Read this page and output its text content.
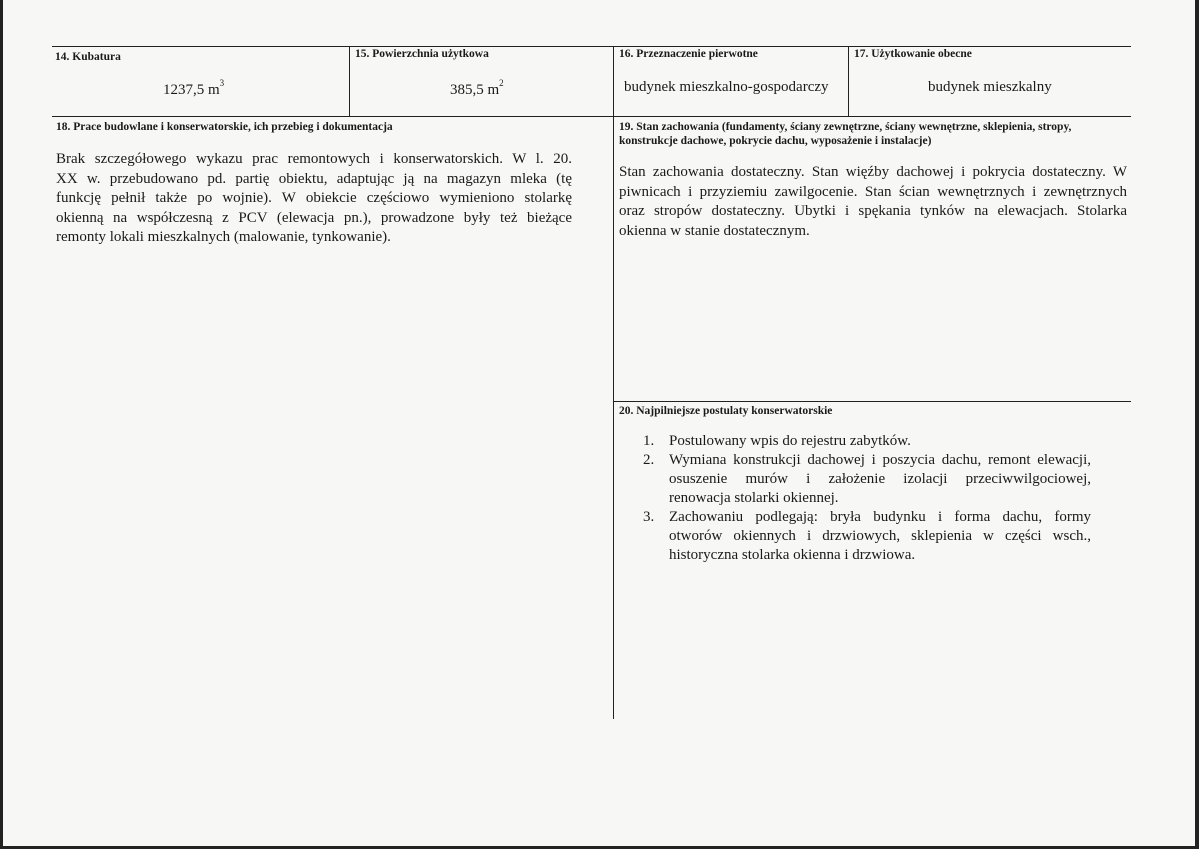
14. Kubatura
1237,5 $m^3$
15. Powierzchnia użytkowa
385,5 $m^2$
16. Przeznaczenie pierwotne
budynek mieszkalno-gospodarczy
17. Użytkowanie obecne
budynek mieszkalny
18. Prace budowlane i konserwatorskie, ich przebieg i dokumentacja
Brak szczegółowego wykazu prac remontowych i konserwatorskich. W l. 20.
XX w. przebudowano pd. partię obiektu, adaptując ją na magazyn mleka (tę
funkcję pełnił także po wojnie). W obiekcie częściowo wymieniono stolarkę
okienną na współczesną z PCV (elewacja pn.), prowadzone były też bieżące
remonty lokali mieszkalnych (malowanie, tynkowanie).
19. Stan zachowania (fundamenty, ściany zewnętrzne, ściany wewnętrzne, sklepienia, stropy,
konstrukcje dachowe, pokrycie dachu, wyposażenie i instalacje)
Stan zachowania dostateczny. Stan więźby dachowej i pokrycia dostateczny. W
piwnicach i przyziemiu zawilgocenie. Stan ścian wewnętrznych i zewnętrznych
oraz stropów dostateczny. Ubytki i spękania tynków na elewacjach. Stolarka
okienna w stanie dostatecznym.
20. Najpilniejsze postulaty konserwatorskie
1. Postulowany wpis do rejestru zabytków.
2. Wymiana konstrukcji dachowej i poszycia dachu, remont elewacji,
osuszenie murów i założenie izolacji przeciwwilgociowej,
renowacja stolarki okiennej.
3. Zachowaniu podlegają: bryła budynku i forma dachu, formy
otworów okiennych i drzwiowych, sklepienia w części wsch.,
historyczna stolarka okienna i drzwiowa.
